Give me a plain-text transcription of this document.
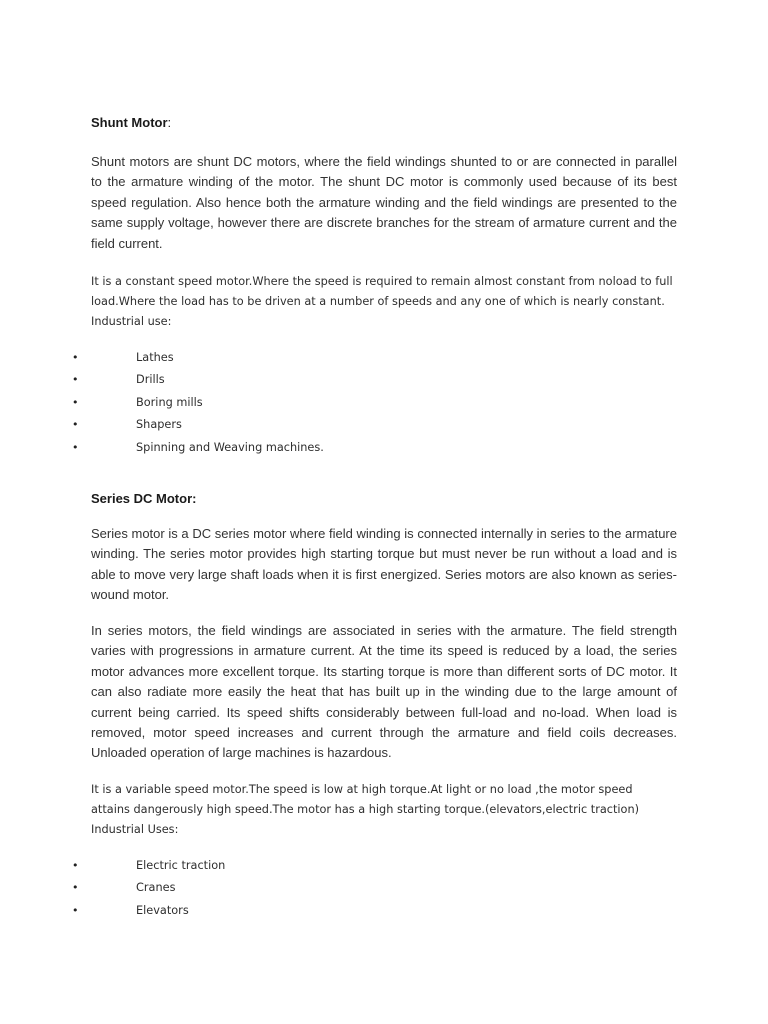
Shunt Motor:

Shunt motors are shunt DC motors, where the field windings shunted to or are connected in parallel to the armature winding of the motor. The shunt DC motor is commonly used because of its best speed regulation. Also hence both the armature winding and the field windings are presented to the same supply voltage, however there are discrete branches for the stream of armature current and the field current.

It is a constant speed motor.Where the speed is required to remain almost constant from noload to full
load.Where the load has to be driven at a number of speeds and any one of which is nearly constant.
Industrial use:
•	Lathes
•	Drills
•	Boring mills
•	Shapers
•	Spinning and Weaving machines.

Series DC Motor:

Series motor is a DC series motor where field winding is connected internally in series to the armature winding. The series motor provides high starting torque but must never be run without a load and is able to move very large shaft loads when it is first energized. Series motors are also known as series-wound motor.

In series motors, the field windings are associated in series with the armature. The field strength varies with progressions in armature current. At the time its speed is reduced by a load, the series motor advances more excellent torque. Its starting torque is more than different sorts of DC motor. It can also radiate more easily the heat that has built up in the winding due to the large amount of current being carried. Its speed shifts considerably between full-load and no-load. When load is removed, motor speed increases and current through the armature and field coils decreases. Unloaded operation of large machines is hazardous.

It is a variable speed motor.The speed is low at high torque.At light or no load ,the motor speed
attains dangerously high speed.The motor has a high starting torque.(elevators,electric traction)
Industrial Uses:
•	Electric traction
•	Cranes
•	Elevators
